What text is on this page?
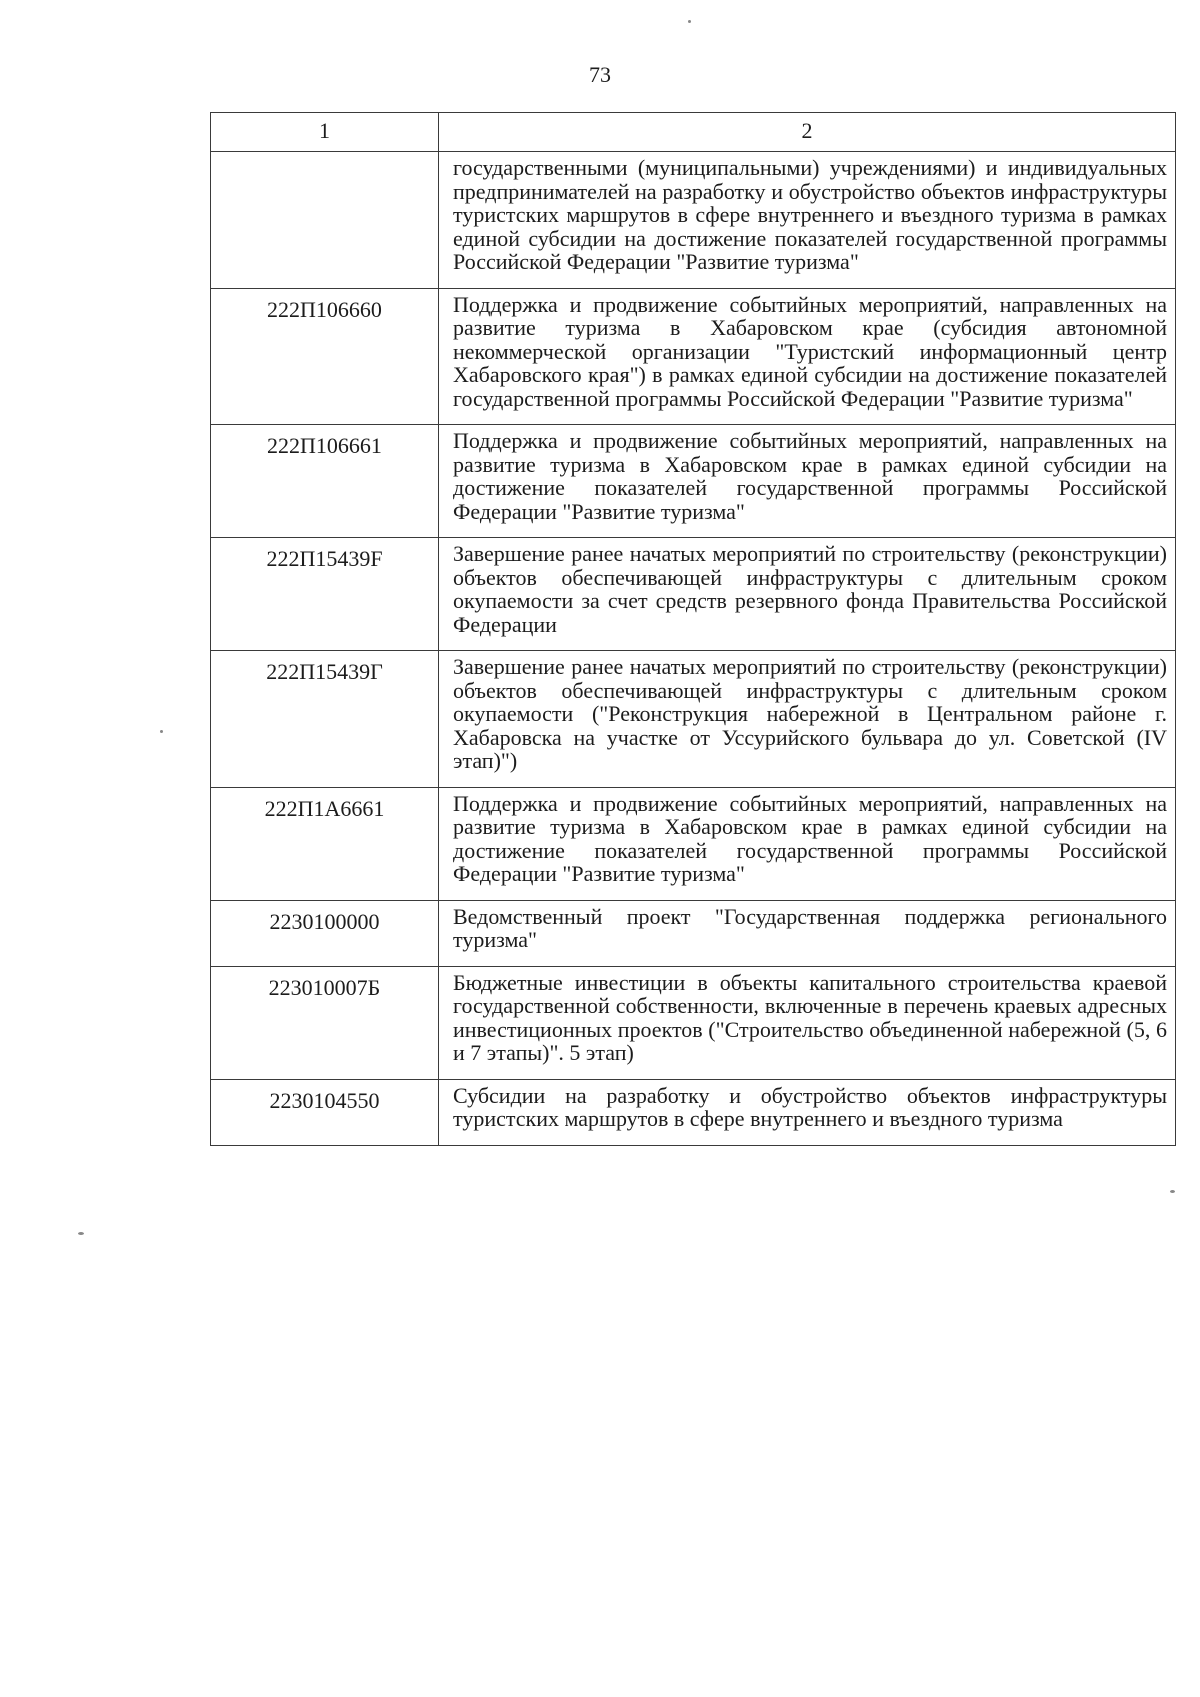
73
1	2
	государственными (муниципальными) учреждениями) и индивидуальных предпринимателей на разработку и обустройство объектов инфраструктуры туристских маршрутов в сфере внутреннего и въездного туризма в рамках единой субсидии на достижение показателей государственной программы Российской Федерации "Развитие туризма"
222П106660	Поддержка и продвижение событийных мероприятий, направленных на развитие туризма в Хабаровском крае (субсидия автономной некоммерческой организации "Туристский информационный центр Хабаровского края") в рамках единой субсидии на достижение показателей государственной программы Российской Федерации "Развитие туризма"
222П106661	Поддержка и продвижение событийных мероприятий, направленных на развитие туризма в Хабаровском крае в рамках единой субсидии на достижение показателей государственной программы Российской Федерации "Развитие туризма"
222П15439F	Завершение ранее начатых мероприятий по строительству (реконструкции) объектов обеспечивающей инфраструктуры с длительным сроком окупаемости за счет средств резервного фонда Правительства Российской Федерации
222П15439Г	Завершение ранее начатых мероприятий по строительству (реконструкции) объектов обеспечивающей инфраструктуры с длительным сроком окупаемости ("Реконструкция набережной в Центральном районе г. Хабаровска на участке от Уссурийского бульвара до ул. Советской (IV этап)")
222П1А6661	Поддержка и продвижение событийных мероприятий, направленных на развитие туризма в Хабаровском крае в рамках единой субсидии на достижение показателей государственной программы Российской Федерации "Развитие туризма"
2230100000	Ведомственный проект "Государственная поддержка регионального туризма"
223010007Б	Бюджетные инвестиции в объекты капитального строительства краевой государственной собственности, включенные в перечень краевых адресных инвестиционных проектов ("Строительство объединенной набережной (5, 6 и 7 этапы)". 5 этап)
2230104550	Субсидии на разработку и обустройство объектов инфраструктуры туристских маршрутов в сфере внутреннего и въездного туризма
